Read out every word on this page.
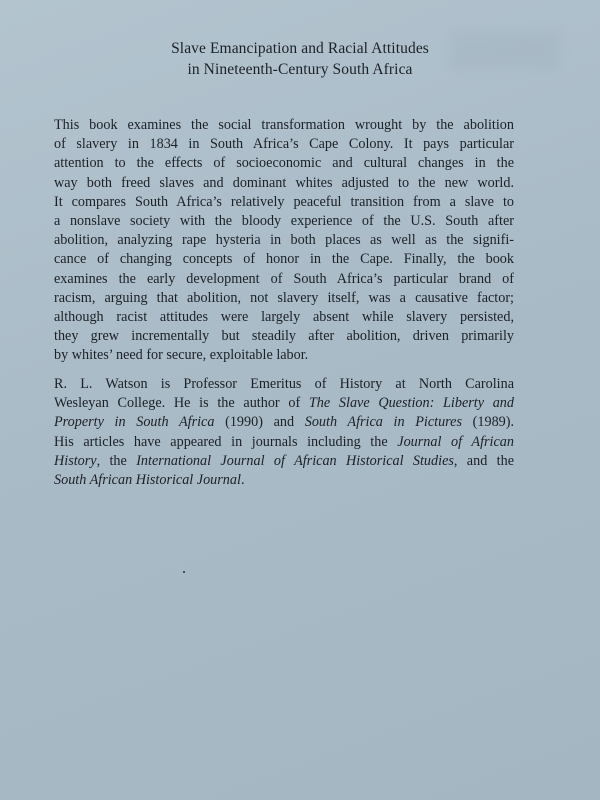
Slave Emancipation and Racial Attitudes
in Nineteenth-Century South Africa

This book examines the social transformation wrought by the abolition
of slavery in 1834 in South Africa’s Cape Colony. It pays particular
attention to the effects of socioeconomic and cultural changes in the
way both freed slaves and dominant whites adjusted to the new world.
It compares South Africa’s relatively peaceful transition from a slave to
a nonslave society with the bloody experience of the U.S. South after
abolition, analyzing rape hysteria in both places as well as the signifi-
cance of changing concepts of honor in the Cape. Finally, the book
examines the early development of South Africa’s particular brand of
racism, arguing that abolition, not slavery itself, was a causative factor;
although racist attitudes were largely absent while slavery persisted,
they grew incrementally but steadily after abolition, driven primarily
by whites’ need for secure, exploitable labor.

R. L. Watson is Professor Emeritus of History at North Carolina
Wesleyan College. He is the author of The Slave Question: Liberty and
Property in South Africa (1990) and South Africa in Pictures (1989).
His articles have appeared in journals including the Journal of African
History, the International Journal of African Historical Studies, and the
South African Historical Journal.
